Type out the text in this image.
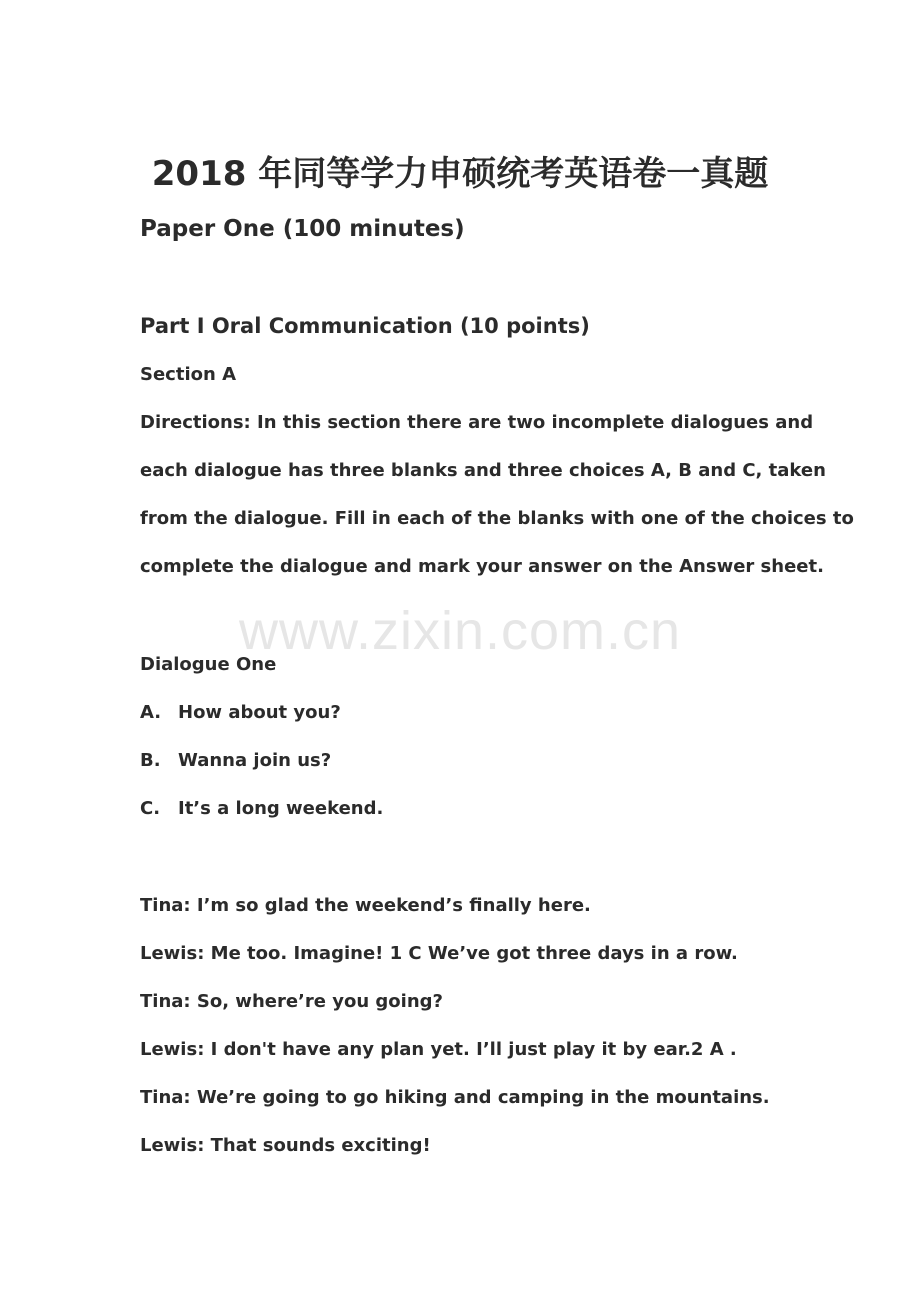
2018 年同等学力申硕统考英语卷一真题
Paper One (100 minutes)
Part I Oral Communication (10 points)
Section A
Directions: In this section there are two incomplete dialogues and
each dialogue has three blanks and three choices A, B and C, taken
from the dialogue. Fill in each of the blanks with one of the choices to
complete the dialogue and mark your answer on the Answer sheet.
www.zixin.com.cn
Dialogue One
A. How about you?
B. Wanna join us?
C. It’s a long weekend.
Tina: I’m so glad the weekend’s finally here.
Lewis: Me too. Imagine! 1 C We’ve got three days in a row.
Tina: So, where’re you going?
Lewis: I don't have any plan yet. I’ll just play it by ear.2 A .
Tina: We’re going to go hiking and camping in the mountains.
Lewis: That sounds exciting!
